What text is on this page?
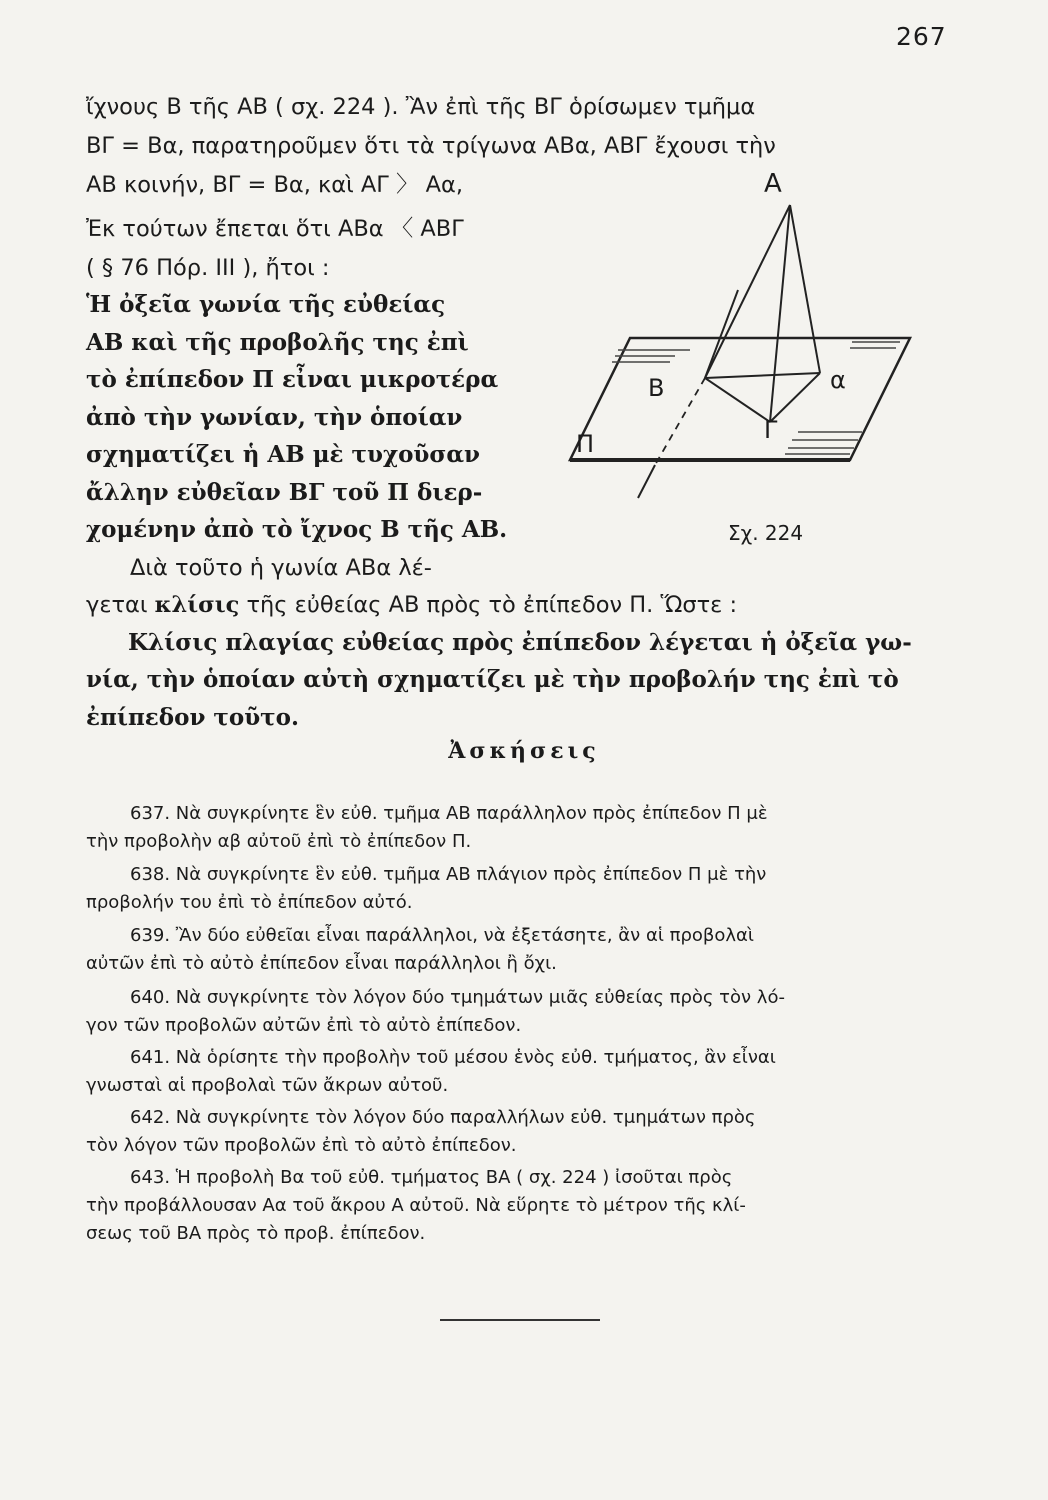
267
ἴχνους Β τῆς ΑΒ ( σχ. 224 ). Ἂν ἐπὶ τῆς ΒΓ ὁρίσωμεν τμῆμα
ΒΓ = Βα, παρατηροῦμεν ὅτι τὰ τρίγωνα ΑΒα, ΑΒΓ ἔχουσι τὴν
ΑΒ κοινήν, ΒΓ = Βα, καὶ ΑΓ 〉 Αα,
Ἐκ τούτων ἔπεται ὅτι ΑΒα 〈 ΑΒΓ
( § 76 Πόρ. III ), ἤτοι :
Ἡ ὀξεῖα γωνία τῆς εὐθείας
ΑΒ καὶ τῆς προβολῆς της ἐπὶ
τὸ ἐπίπεδον Π εἶναι μικροτέρα
ἀπὸ τὴν γωνίαν, τὴν ὁποίαν
σχηματίζει ἡ ΑΒ μὲ τυχοῦσαν
ἄλλην εὐθεῖαν ΒΓ τοῦ Π διερ-
χομένην ἀπὸ τὸ ἴχνος Β τῆς ΑΒ.
Διὰ τοῦτο ἡ γωνία ΑΒα λέ-
γεται κλίσις τῆς εὐθείας ΑΒ πρὸς τὸ ἐπίπεδον Π. Ὥστε :
Κλίσις πλαγίας εὐθείας πρὸς ἐπίπεδον λέγεται ἡ ὀξεῖα γω-
νία, τὴν ὁποίαν αὐτὴ σχηματίζει μὲ τὴν προβολήν της ἐπὶ τὸ
ἐπίπεδον τοῦτο.
Α
Β	α
Γ
Π
Σχ. 224
Ἀσκήσεις
637. Νὰ συγκρίνητε ἓν εὐθ. τμῆμα ΑΒ παράλληλον πρὸς ἐπίπεδον Π μὲ
τὴν προβολὴν αβ αὐτοῦ ἐπὶ τὸ ἐπίπεδον Π.
638. Νὰ συγκρίνητε ἓν εὐθ. τμῆμα ΑΒ πλάγιον πρὸς ἐπίπεδον Π μὲ τὴν
προβολήν του ἐπὶ τὸ ἐπίπεδον αὐτό.
639. Ἂν δύο εὐθεῖαι εἶναι παράλληλοι, νὰ ἐξετάσητε, ἂν αἱ προβολαὶ
αὐτῶν ἐπὶ τὸ αὐτὸ ἐπίπεδον εἶναι παράλληλοι ἢ ὄχι.
640. Νὰ συγκρίνητε τὸν λόγον δύο τμημάτων μιᾶς εὐθείας πρὸς τὸν λό-
γον τῶν προβολῶν αὐτῶν ἐπὶ τὸ αὐτὸ ἐπίπεδον.
641. Νὰ ὁρίσητε τὴν προβολὴν τοῦ μέσου ἑνὸς εὐθ. τμήματος, ἂν εἶναι
γνωσταὶ αἱ προβολαὶ τῶν ἄκρων αὐτοῦ.
642. Νὰ συγκρίνητε τὸν λόγον δύο παραλλήλων εὐθ. τμημάτων πρὸς
τὸν λόγον τῶν προβολῶν ἐπὶ τὸ αὐτὸ ἐπίπεδον.
643. Ἡ προβολὴ Βα τοῦ εὐθ. τμήματος ΒΑ ( σχ. 224 ) ἰσοῦται πρὸς
τὴν προβάλλουσαν Αα τοῦ ἄκρου Α αὐτοῦ. Νὰ εὕρητε τὸ μέτρον τῆς κλί-
σεως τοῦ ΒΑ πρὸς τὸ προβ. ἐπίπεδον.
